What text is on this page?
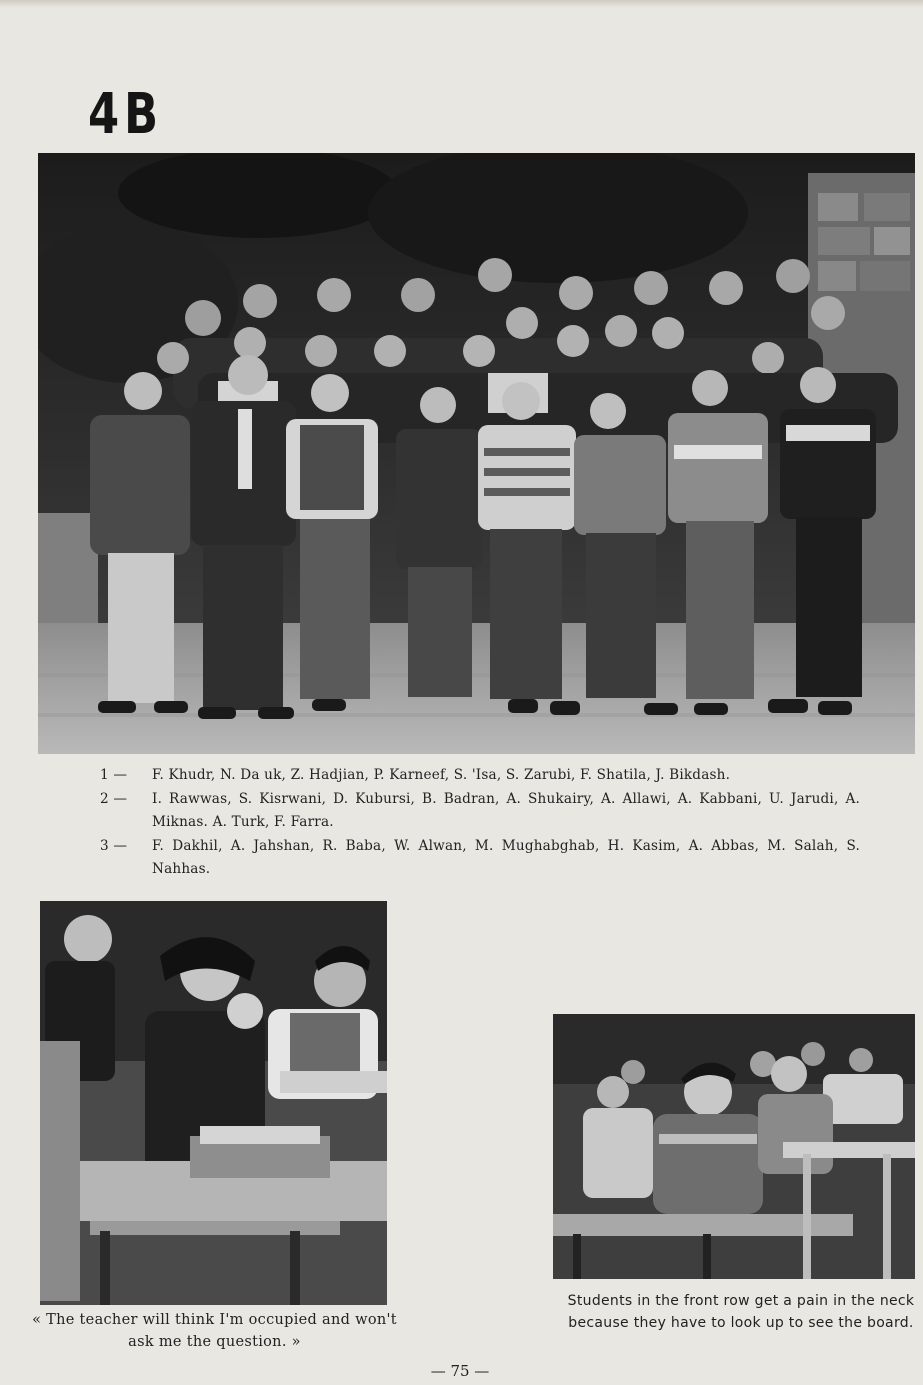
4B
1 —	F. Khudr, N. Da uk, Z. Hadjian, P. Karneef, S. 'Isa, S. Zarubi, F. Shatila, J. Bikdash.
2 —	I. Rawwas, S. Kisrwani, D. Kubursi, B. Badran, A. Shukairy, A. Allawi, A. Kabbani, U. Jarudi, A. Miknas. A. Turk, F. Farra.
3 —	F. Dakhil, A. Jahshan, R. Baba, W. Alwan, M. Mughabghab, H. Kasim, A. Abbas, M. Salah, S. Nahhas.
« The teacher will think I'm occupied and won't ask me the question. »
Students in the front row get a pain in the neck because they have to look up to see the board.
— 75 —
